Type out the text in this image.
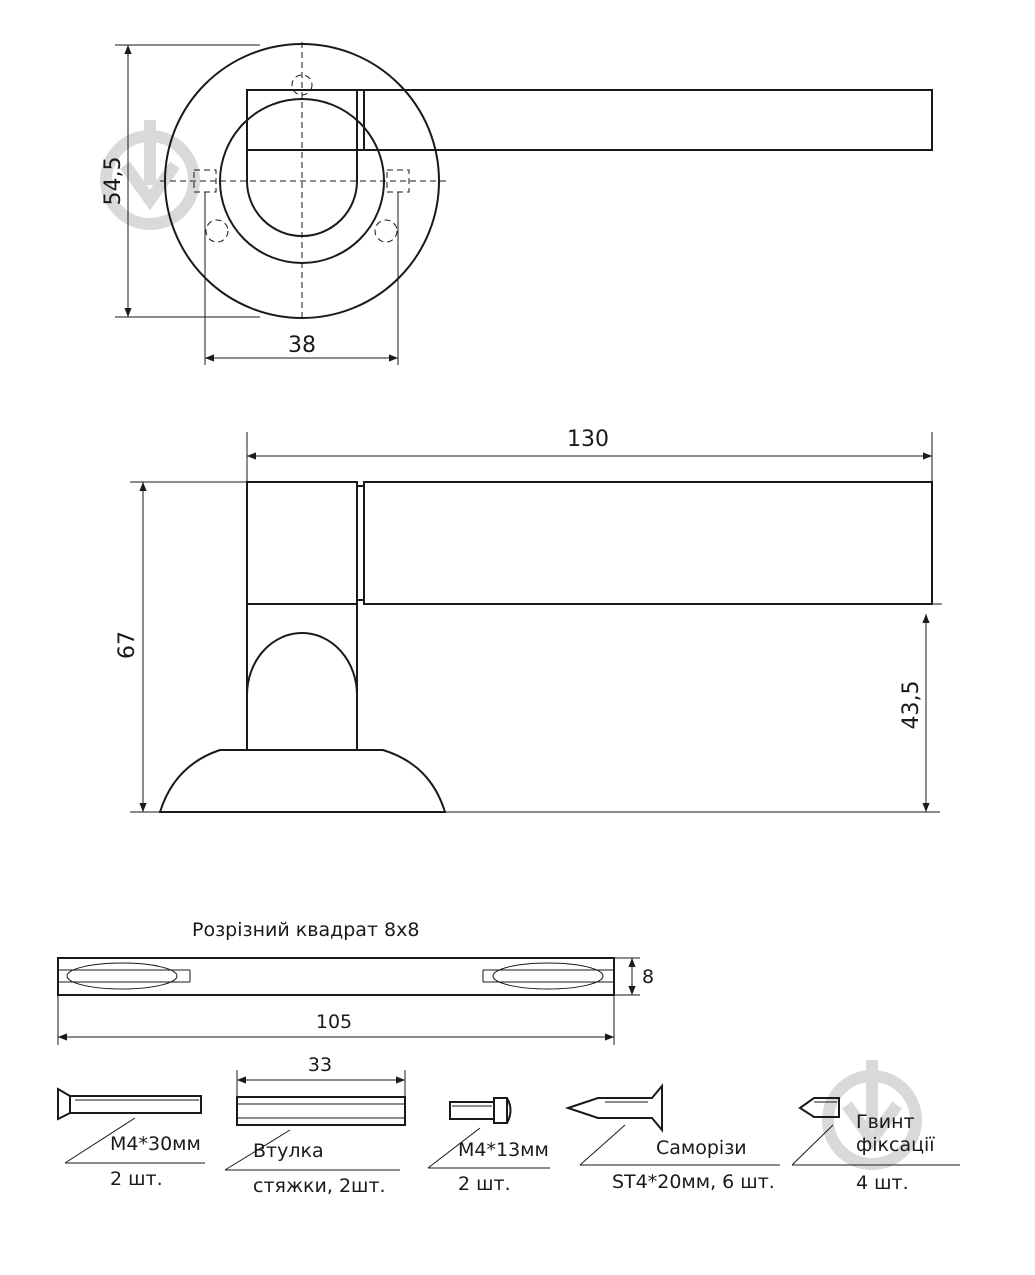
54,5
38
130
67
43,5
Розрізний квадрат 8х8
8
105
М4*30мм
2 шт.
33
Втулка
стяжки, 2шт.
М4*13мм
2 шт.
Саморізи
ST4*20мм, 6 шт.
Гвинт
фіксації
4 шт.
